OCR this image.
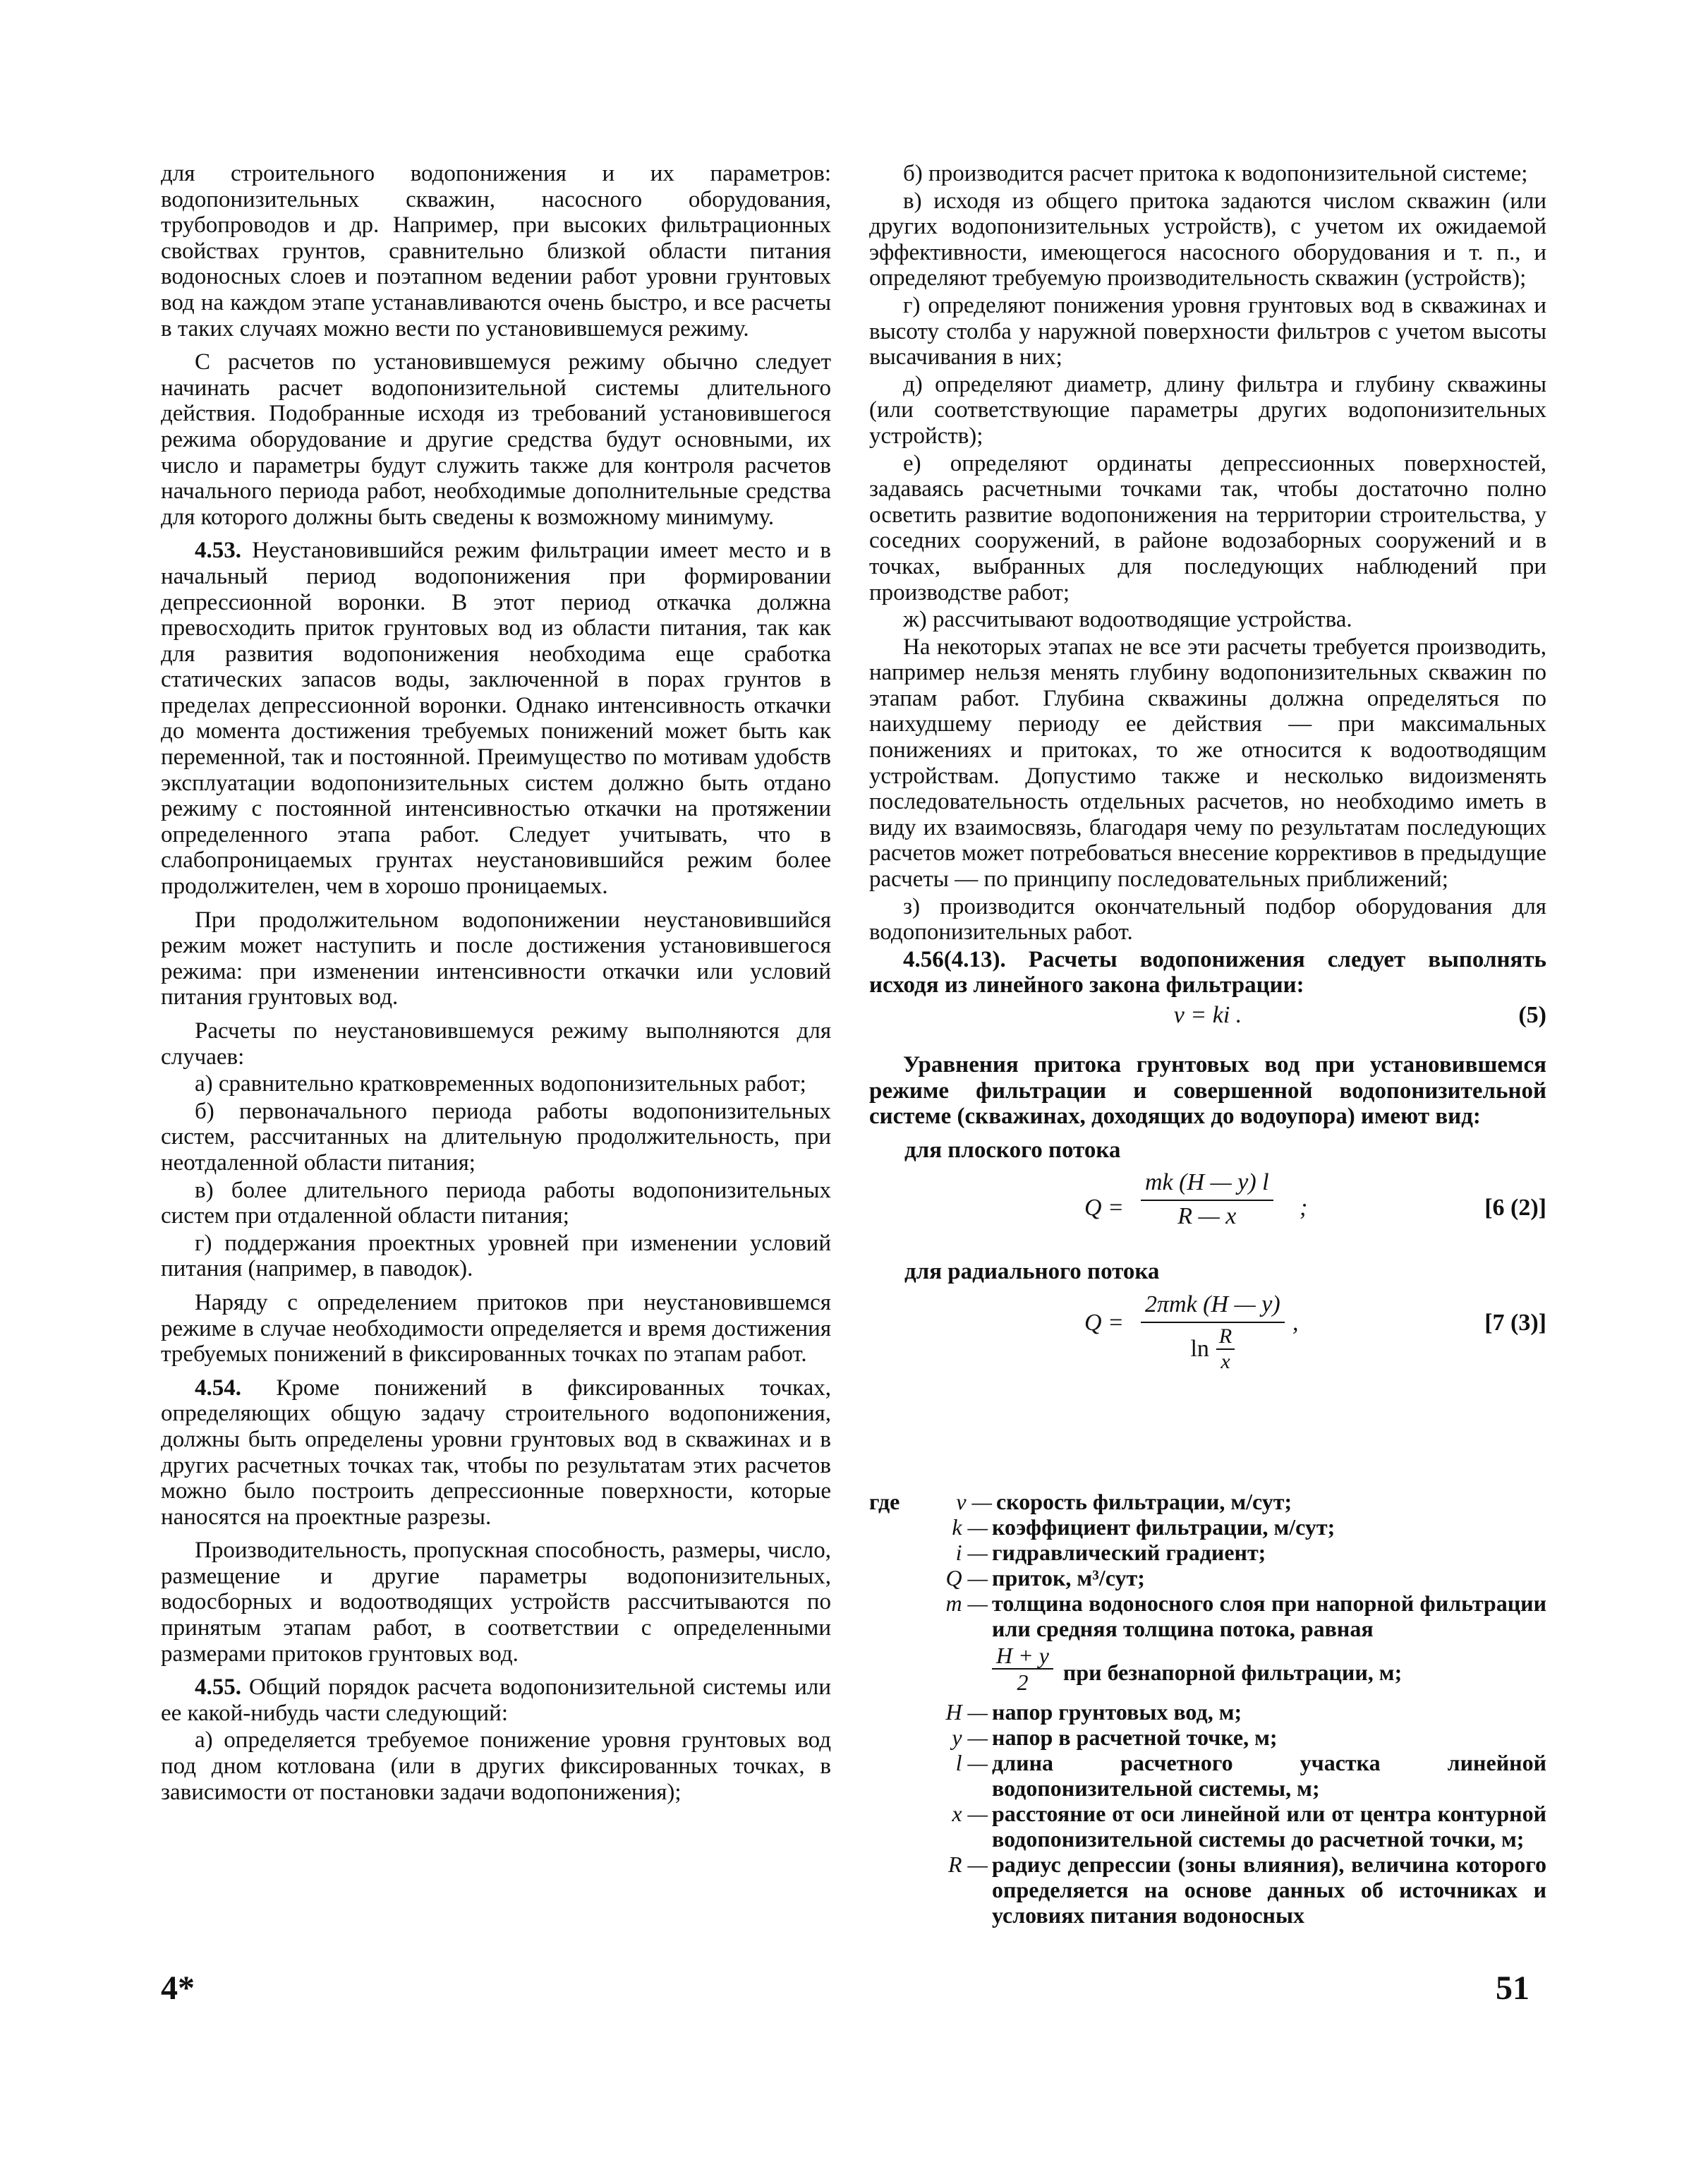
для строительного водопонижения и их параметров: водопонизительных скважин, насосного оборудования, трубопроводов и др. Например, при высоких фильтрационных свойствах грунтов, сравнительно близкой области питания водоносных слоев и поэтапном ведении работ уровни грунтовых вод на каждом этапе устанавливаются очень быстро, и все расчеты в таких случаях можно вести по установившемуся режиму.

С расчетов по установившемуся режиму обычно следует начинать расчет водопонизительной системы длительного действия. Подобранные исходя из требований установившегося режима оборудование и другие средства будут основными, их число и параметры будут служить также для контроля расчетов начального периода работ, необходимые дополнительные средства для которого должны быть сведены к возможному минимуму.

4.53. Неустановившийся режим фильтрации имеет место и в начальный период водопонижения при формировании депрессионной воронки. В этот период откачка должна превосходить приток грунтовых вод из области питания, так как для развития водопонижения необходима еще сработка статических запасов воды, заключенной в порах грунтов в пределах депрессионной воронки. Однако интенсивность откачки до момента достижения требуемых понижений может быть как переменной, так и постоянной. Преимущество по мотивам удобств эксплуатации водопонизительных систем должно быть отдано режиму с постоянной интенсивностью откачки на протяжении определенного этапа работ. Следует учитывать, что в слабопроницаемых грунтах неустановившийся режим более продолжителен, чем в хорошо проницаемых.

При продолжительном водопонижении неустановившийся режим может наступить и после достижения установившегося режима: при изменении интенсивности откачки или условий питания грунтовых вод.

Расчеты по неустановившемуся режиму выполняются для случаев:

а) сравнительно кратковременных водопонизительных работ;

б) первоначального периода работы водопонизительных систем, рассчитанных на длительную продолжительность, при неотдаленной области питания;

в) более длительного периода работы водопонизительных систем при отдаленной области питания;

г) поддержания проектных уровней при изменении условий питания (например, в паводок).

Наряду с определением притоков при неустановившемся режиме в случае необходимости определяется и время достижения требуемых понижений в фиксированных точках по этапам работ.

4.54. Кроме понижений в фиксированных точках, определяющих общую задачу строительного водопонижения, должны быть определены уровни грунтовых вод в скважинах и в других расчетных точках так, чтобы по результатам этих расчетов можно было построить депрессионные поверхности, которые наносятся на проектные разрезы.

Производительность, пропускная способность, размеры, число, размещение и другие параметры водопонизительных, водосборных и водоотводящих устройств рассчитываются по принятым этапам работ, в соответствии с определенными размерами притоков грунтовых вод.

4.55. Общий порядок расчета водопонизительной системы или ее какой-нибудь части следующий:

а) определяется требуемое понижение уровня грунтовых вод под дном котлована (или в других фиксированных точках, в зависимости от постановки задачи водопонижения);

б) производится расчет притока к водопонизительной системе;

в) исходя из общего притока задаются числом скважин (или других водопонизительных устройств), с учетом их ожидаемой эффективности, имеющегося насосного оборудования и т. п., и определяют требуемую производительность скважин (устройств);

г) определяют понижения уровня грунтовых вод в скважинах и высоту столба у наружной поверхности фильтров с учетом высоты высачивания в них;

д) определяют диаметр, длину фильтра и глубину скважины (или соответствующие параметры других водопонизительных устройств);

е) определяют ординаты депрессионных поверхностей, задаваясь расчетными точками так, чтобы достаточно полно осветить развитие водопонижения на территории строительства, у соседних сооружений, в районе водозаборных сооружений и в точках, выбранных для последующих наблюдений при производстве работ;

ж) рассчитывают водоотводящие устройства.

На некоторых этапах не все эти расчеты требуется производить, например нельзя менять глубину водопонизительных скважин по этапам работ. Глубина скважины должна определяться по наихудшему периоду ее действия — при максимальных понижениях и притоках, то же относится к водоотводящим устройствам. Допустимо также и несколько видоизменять последовательность отдельных расчетов, но необходимо иметь в виду их взаимосвязь, благодаря чему по результатам последующих расчетов может потребоваться внесение коррективов в предыдущие расчеты — по принципу последовательных приближений;

з) производится окончательный подбор оборудования для водопонизительных работ.

4.56(4.13). Расчеты водопонижения следует выполнять исходя из линейного закона фильтрации:

v = ki .	(5)

Уравнения притока грунтовых вод при установившемся режиме фильтрации и совершенной водопонизительной системе (скважинах, доходящих до водоупора) имеют вид:

для плоского потока
$Q = \frac{mk (H — y) l}{R — x}$ ;	[6 (2)]
для радиального потока
Q =
2πmk (H — y)
$\ln \frac{R}{x}$
,	[7 (3)]
где	v — скорость фильтрации, м/сут;
k — коэффициент фильтрации, м/сут;
i — гидравлический градиент;
Q — приток, м³/сут;
m — толщина водоносного слоя при напорной фильтрации или средняя толщина потока, равная
$\frac{H + y}{2}$ при безнапорной фильтрации, м;
H — напор грунтовых вод, м;
y — напор в расчетной точке, м;
l — длина расчетного участка линейной водопонизительной системы, м;
x — расстояние от оси линейной или от центра контурной водопонизительной системы до расчетной точки, м;
R — радиус депрессии (зоны влияния), величина которого определяется на основе данных об источниках и условиях питания водоносных
4*	51
